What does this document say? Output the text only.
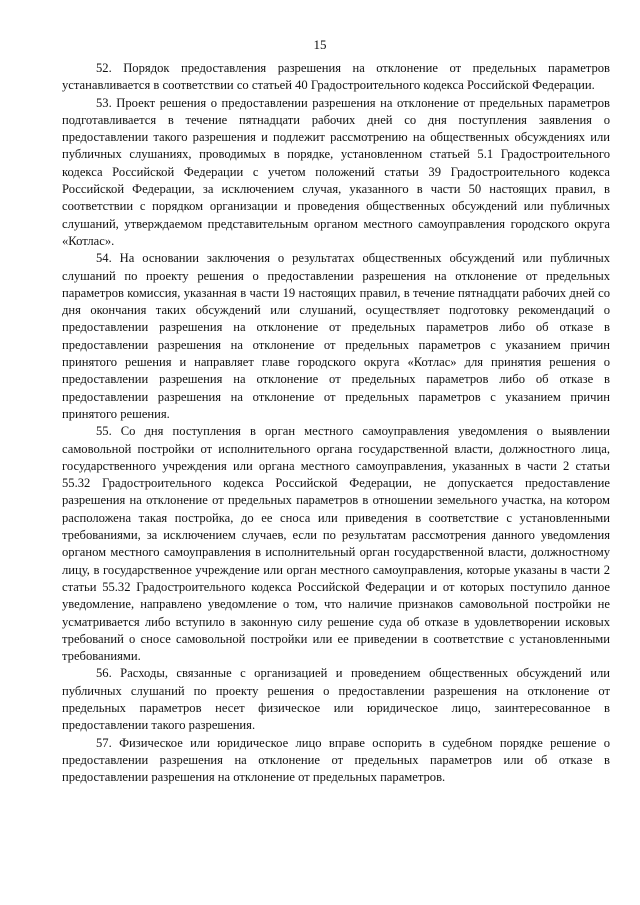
15

52. Порядок предоставления разрешения на отклонение от предельных параметров устанавливается в соответствии со статьей 40 Градостроительного кодекса Российской Федерации.

53. Проект решения о предоставлении разрешения на отклонение от предельных параметров подготавливается в течение пятнадцати рабочих дней со дня поступления заявления о предоставлении такого разрешения и подлежит рассмотрению на общественных обсуждениях или публичных слушаниях, проводимых в порядке, установленном статьей 5.1 Градостроительного кодекса Российской Федерации с учетом положений статьи 39 Градостроительного кодекса Российской Федерации, за исключением случая, указанного в части 50 настоящих правил, в соответствии с порядком организации и проведения общественных обсуждений или публичных слушаний, утверждаемом представительным органом местного самоуправления городского округа «Котлас».

54. На основании заключения о результатах общественных обсуждений или публичных слушаний по проекту решения о предоставлении разрешения на отклонение от предельных параметров комиссия, указанная в части 19 настоящих правил, в течение пятнадцати рабочих дней со дня окончания таких обсуждений или слушаний, осуществляет подготовку рекомендаций о предоставлении разрешения на отклонение от предельных параметров либо об отказе в предоставлении разрешения на отклонение от предельных параметров с указанием причин принятого решения и направляет главе городского округа «Котлас» для принятия решения о предоставлении разрешения на отклонение от предельных параметров либо об отказе в предоставлении разрешения на отклонение от предельных параметров с указанием причин принятого решения.

55. Со дня поступления в орган местного самоуправления уведомления о выявлении самовольной постройки от исполнительного органа государственной власти, должностного лица, государственного учреждения или органа местного самоуправления, указанных в части 2 статьи 55.32 Градостроительного кодекса Российской Федерации, не допускается предоставление разрешения на отклонение от предельных параметров в отношении земельного участка, на котором расположена такая постройка, до ее сноса или приведения в соответствие с установленными требованиями, за исключением случаев, если по результатам рассмотрения данного уведомления органом местного самоуправления в исполнительный орган государственной власти, должностному лицу, в государственное учреждение или орган местного самоуправления, которые указаны в части 2 статьи 55.32 Градостроительного кодекса Российской Федерации и от которых поступило данное уведомление, направлено уведомление о том, что наличие признаков самовольной постройки не усматривается либо вступило в законную силу решение суда об отказе в удовлетворении исковых требований о сносе самовольной постройки или ее приведении в соответствие с установленными требованиями.

56. Расходы, связанные с организацией и проведением общественных обсуждений или публичных слушаний по проекту решения о предоставлении разрешения на отклонение от предельных параметров несет физическое или юридическое лицо, заинтересованное в предоставлении такого разрешения.

57. Физическое или юридическое лицо вправе оспорить в судебном порядке решение о предоставлении разрешения на отклонение от предельных параметров или об отказе в предоставлении разрешения на отклонение от предельных параметров.
